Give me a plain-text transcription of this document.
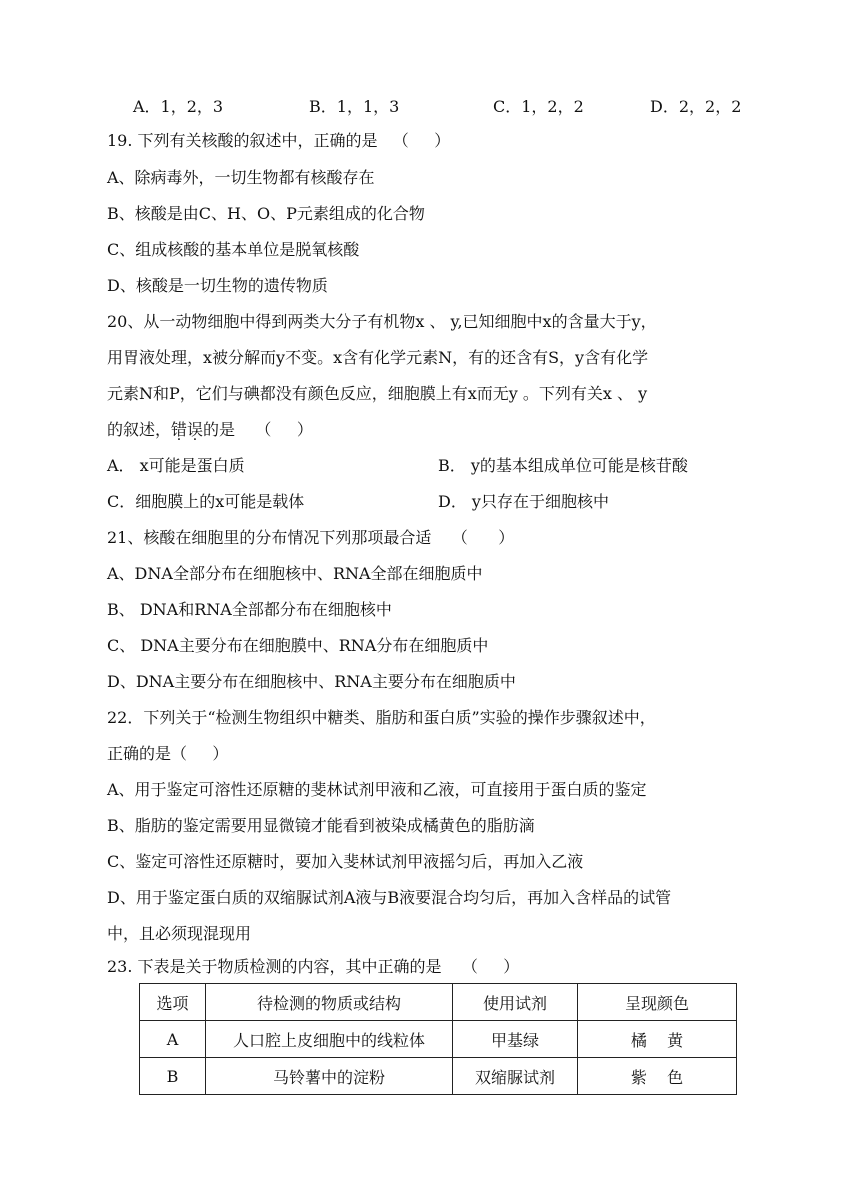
A．1，2，3	B．1，1，3	C．1，2，2	D．2，2，2
19. 下列有关核酸的叙述中，正确的是   （     ）
A、除病毒外，一切生物都有核酸存在
B、核酸是由C、H、O、P元素组成的化合物
C、组成核酸的基本单位是脱氧核酸
D、核酸是一切生物的遗传物质
20、从一动物细胞中得到两类大分子有机物x 、 y,已知细胞中x的含量大于y，
用胃液处理，x被分解而y不变。x含有化学元素N，有的还含有S，y含有化学
元素N和P，它们与碘都没有颜色反应，细胞膜上有x而无y 。下列有关x 、 y
的叙述，错误的是    （     ）
A． x可能是蛋白质	B． y的基本组成单位可能是核苷酸
C．细胞膜上的x可能是载体	D． y只存在于细胞核中
21、核酸在细胞里的分布情况下列那项最合适    （      ）
A、DNA全部分布在细胞核中、RNA全部在细胞质中
B、 DNA和RNA全部都分布在细胞核中
C、 DNA主要分布在细胞膜中、RNA分布在细胞质中
D、DNA主要分布在细胞核中、RNA主要分布在细胞质中
22．下列关于“检测生物组织中糖类、脂肪和蛋白质”实验的操作步骤叙述中，
正确的是（     ）
A、用于鉴定可溶性还原糖的斐林试剂甲液和乙液，可直接用于蛋白质的鉴定
B、脂肪的鉴定需要用显微镜才能看到被染成橘黄色的脂肪滴
C、鉴定可溶性还原糖时，要加入斐林试剂甲液摇匀后，再加入乙液
D、用于鉴定蛋白质的双缩脲试剂A液与B液要混合均匀后，再加入含样品的试管
中，且必须现混现用
23. 下表是关于物质检测的内容，其中正确的是    （     ）
选项	待检测的物质或结构	使用试剂	呈现颜色
A	人口腔上皮细胞中的线粒体	甲基绿	橘    黄
B	马铃薯中的淀粉	双缩脲试剂	紫    色
